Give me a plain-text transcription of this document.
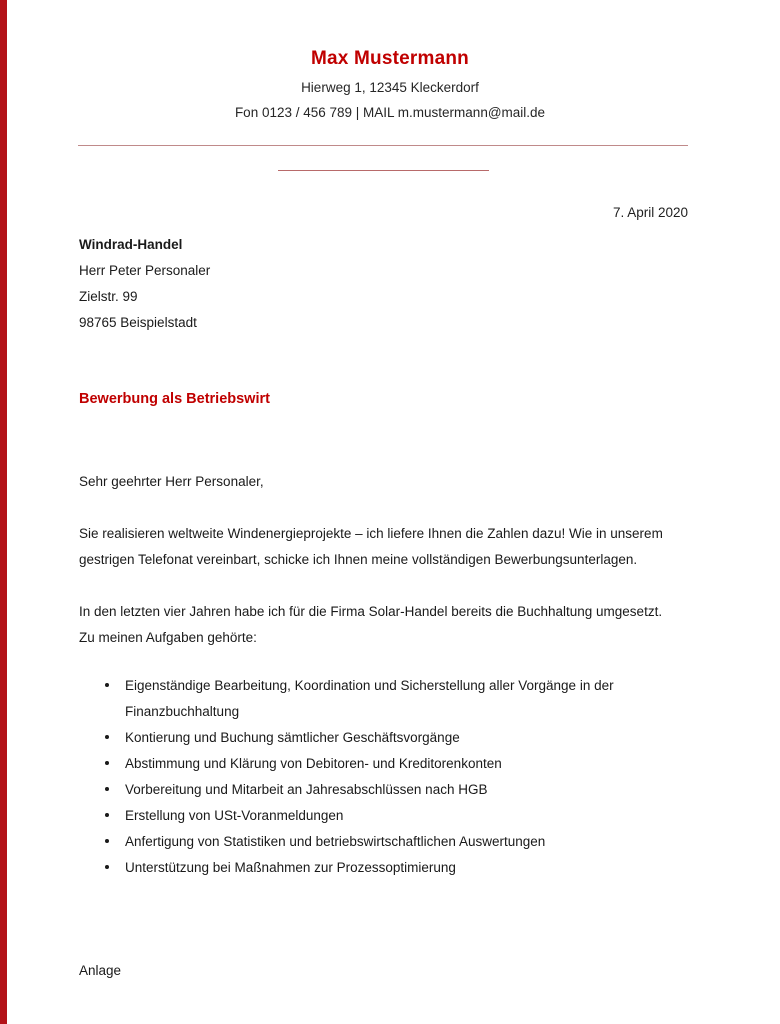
Max Mustermann
Hierweg 1, 12345 Kleckerdorf
Fon 0123 / 456 789 | MAIL m.mustermann@mail.de
7. April 2020
Windrad-Handel
Herr Peter Personaler
Zielstr. 99
98765 Beispielstadt
Bewerbung als Betriebswirt

Sehr geehrter Herr Personaler,

Sie realisieren weltweite Windenergieprojekte – ich liefere Ihnen die Zahlen dazu! Wie in unserem gestrigen Telefonat vereinbart, schicke ich Ihnen meine vollständigen Bewerbungsunterlagen.

In den letzten vier Jahren habe ich für die Firma Solar-Handel bereits die Buchhaltung umgesetzt. Zu meinen Aufgaben gehörte:

Eigenständige Bearbeitung, Koordination und Sicherstellung aller Vorgänge in der Finanzbuchhaltung
Kontierung und Buchung sämtlicher Geschäftsvorgänge
Abstimmung und Klärung von Debitoren- und Kreditorenkonten
Vorbereitung und Mitarbeit an Jahresabschlüssen nach HGB
Erstellung von USt-Voranmeldungen
Anfertigung von Statistiken und betriebswirtschaftlichen Auswertungen
Unterstützung bei Maßnahmen zur Prozessoptimierung
Anlage
